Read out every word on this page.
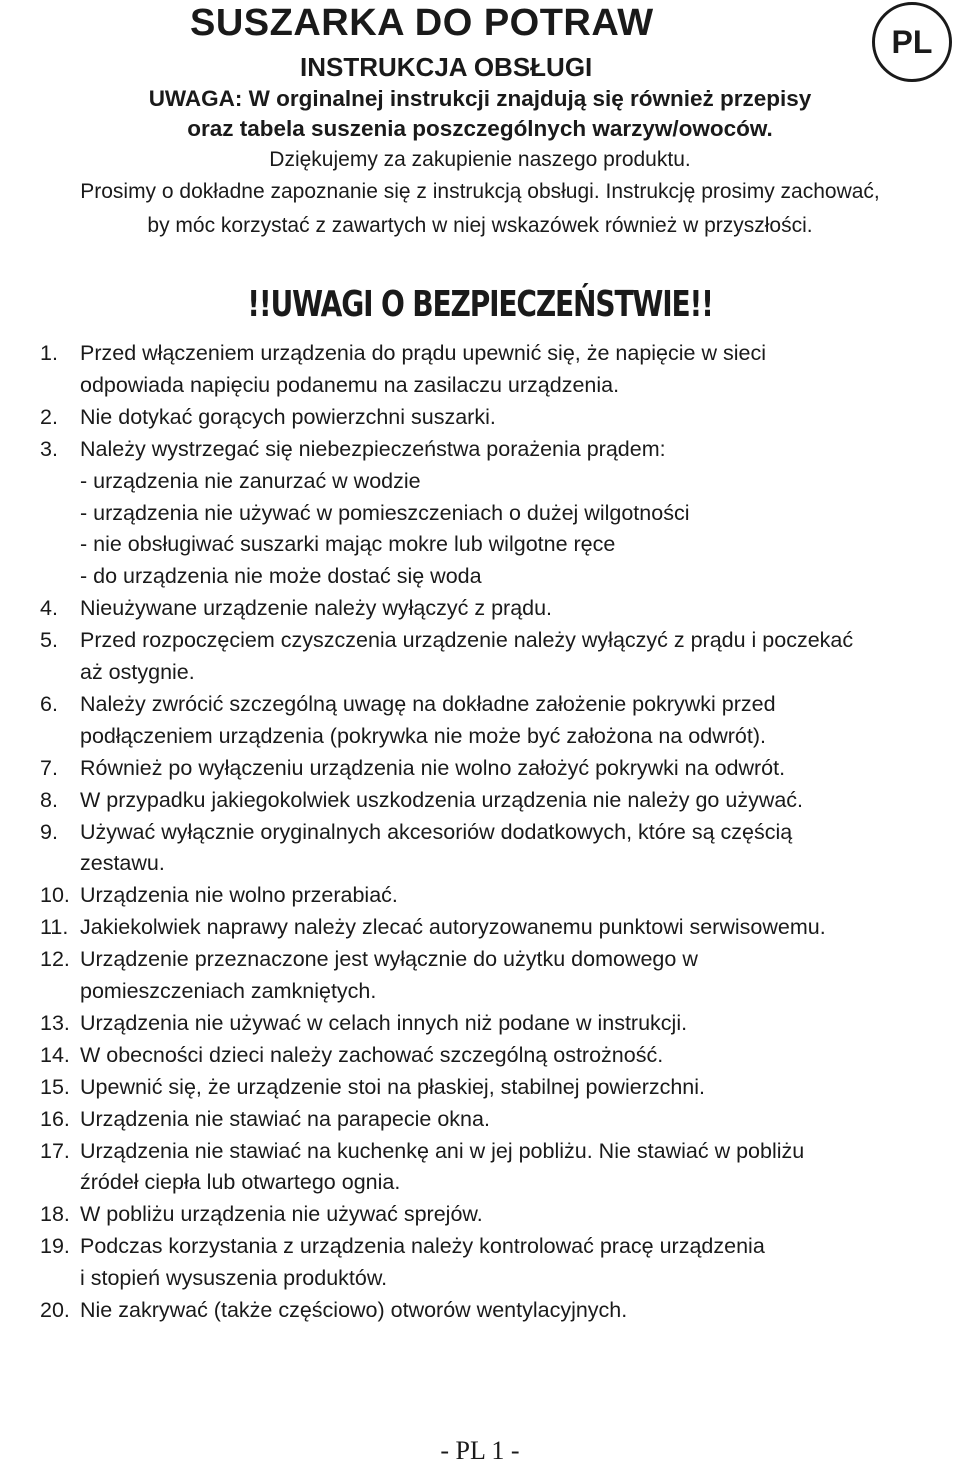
SUSZARKA DO POTRAW
INSTRUKCJA OBSŁUGI
PL
UWAGA: W orginalnej instrukcji znajdują się również przepisy
oraz tabela suszenia poszczególnych warzyw/owoców.
Dziękujemy za zakupienie naszego produktu.
Prosimy o dokładne zapoznanie się z instrukcją obsługi. Instrukcję prosimy zachować,
by móc korzystać z zawartych w niej wskazówek również w przyszłości.
!!UWAGI O BEZPIECZEŃSTWIE!!
1. Przed włączeniem urządzenia do prądu upewnić się, że napięcie w sieci
odpowiada napięciu podanemu na zasilaczu urządzenia.
2. Nie dotykać gorących powierzchni suszarki.
3. Należy wystrzegać się niebezpieczeństwa porażenia prądem:
- urządzenia nie zanurzać w wodzie
- urządzenia nie używać w pomieszczeniach o dużej wilgotności
- nie obsługiwać suszarki mając mokre lub wilgotne ręce
- do urządzenia nie może dostać się woda
4. Nieużywane urządzenie należy wyłączyć z prądu.
5. Przed rozpoczęciem czyszczenia urządzenie należy wyłączyć z prądu i poczekać
aż ostygnie.
6. Należy zwrócić szczególną uwagę na dokładne założenie pokrywki przed
podłączeniem urządzenia (pokrywka nie może być założona na odwrót).
7. Również po wyłączeniu urządzenia nie wolno założyć pokrywki na odwrót.
8. W przypadku jakiegokolwiek uszkodzenia urządzenia nie należy go używać.
9. Używać wyłącznie oryginalnych akcesoriów dodatkowych, które są częścią
zestawu.
10. Urządzenia nie wolno przerabiać.
11. Jakiekolwiek naprawy należy zlecać autoryzowanemu punktowi serwisowemu.
12. Urządzenie przeznaczone jest wyłącznie do użytku domowego w
pomieszczeniach zamkniętych.
13. Urządzenia nie używać w celach innych niż podane w instrukcji.
14. W obecności dzieci należy zachować szczególną ostrożność.
15. Upewnić się, że urządzenie stoi na płaskiej, stabilnej powierzchni.
16. Urządzenia nie stawiać na parapecie okna.
17. Urządzenia nie stawiać na kuchenkę ani w jej pobliżu. Nie stawiać w pobliżu
źródeł ciepła lub otwartego ognia.
18. W pobliżu urządzenia nie używać sprejów.
19. Podczas korzystania z urządzenia należy kontrolować pracę urządzenia
i stopień wysuszenia produktów.
20. Nie zakrywać (także częściowo) otworów wentylacyjnych.
- PL 1 -
